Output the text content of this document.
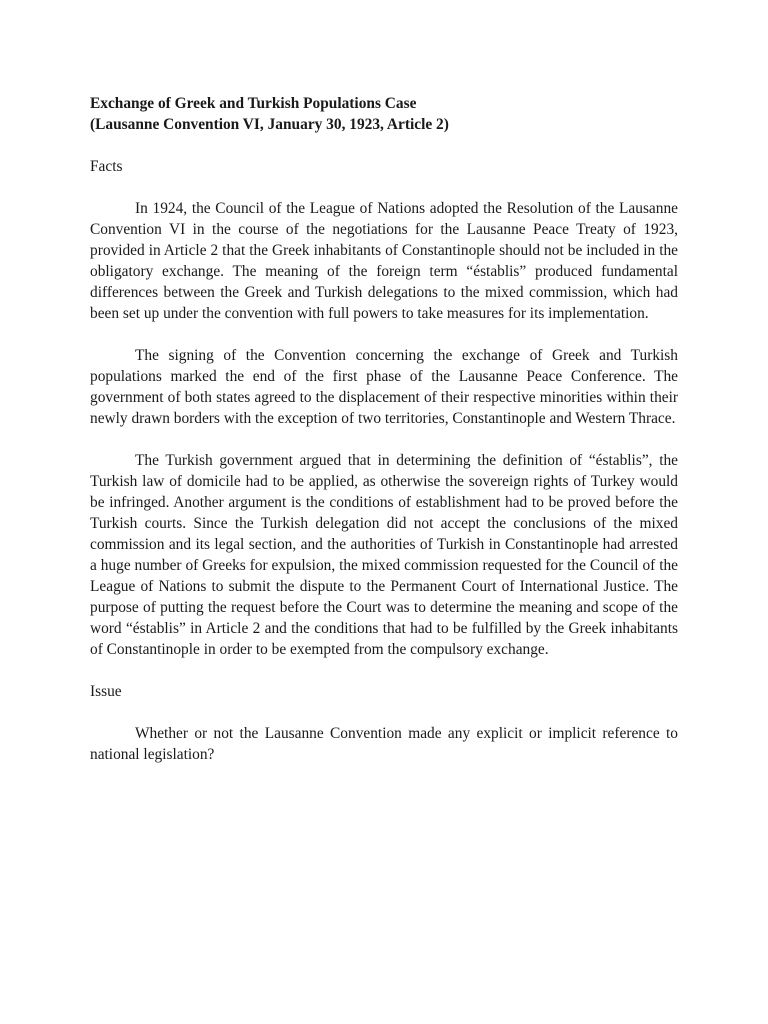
Exchange of Greek and Turkish Populations Case

(Lausanne Convention VI, January 30, 1923, Article 2)

Facts

In 1924, the Council of the League of Nations adopted the Resolution of the Lausanne Convention VI in the course of the negotiations for the Lausanne Peace Treaty of 1923, provided in Article 2 that the Greek inhabitants of Constantinople should not be included in the obligatory exchange. The meaning of the foreign term “éstablis” produced fundamental differences between the Greek and Turkish delegations to the mixed commission, which had been set up under the convention with full powers to take measures for its implementation.

The signing of the Convention concerning the exchange of Greek and Turkish populations marked the end of the first phase of the Lausanne Peace Conference. The government of both states agreed to the displacement of their respective minorities within their newly drawn borders with the exception of two territories, Constantinople and Western Thrace.

The Turkish government argued that in determining the definition of “éstablis”, the Turkish law of domicile had to be applied, as otherwise the sovereign rights of Turkey would be infringed. Another argument is the conditions of establishment had to be proved before the Turkish courts. Since the Turkish delegation did not accept the conclusions of the mixed commission and its legal section, and the authorities of Turkish in Constantinople had arrested a huge number of Greeks for expulsion, the mixed commission requested for the Council of the League of Nations to submit the dispute to the Permanent Court of International Justice. The purpose of putting the request before the Court was to determine the meaning and scope of the word “éstablis” in Article 2 and the conditions that had to be fulfilled by the Greek inhabitants of Constantinople in order to be exempted from the compulsory exchange.

Issue

Whether or not the Lausanne Convention made any explicit or implicit reference to national legislation?
